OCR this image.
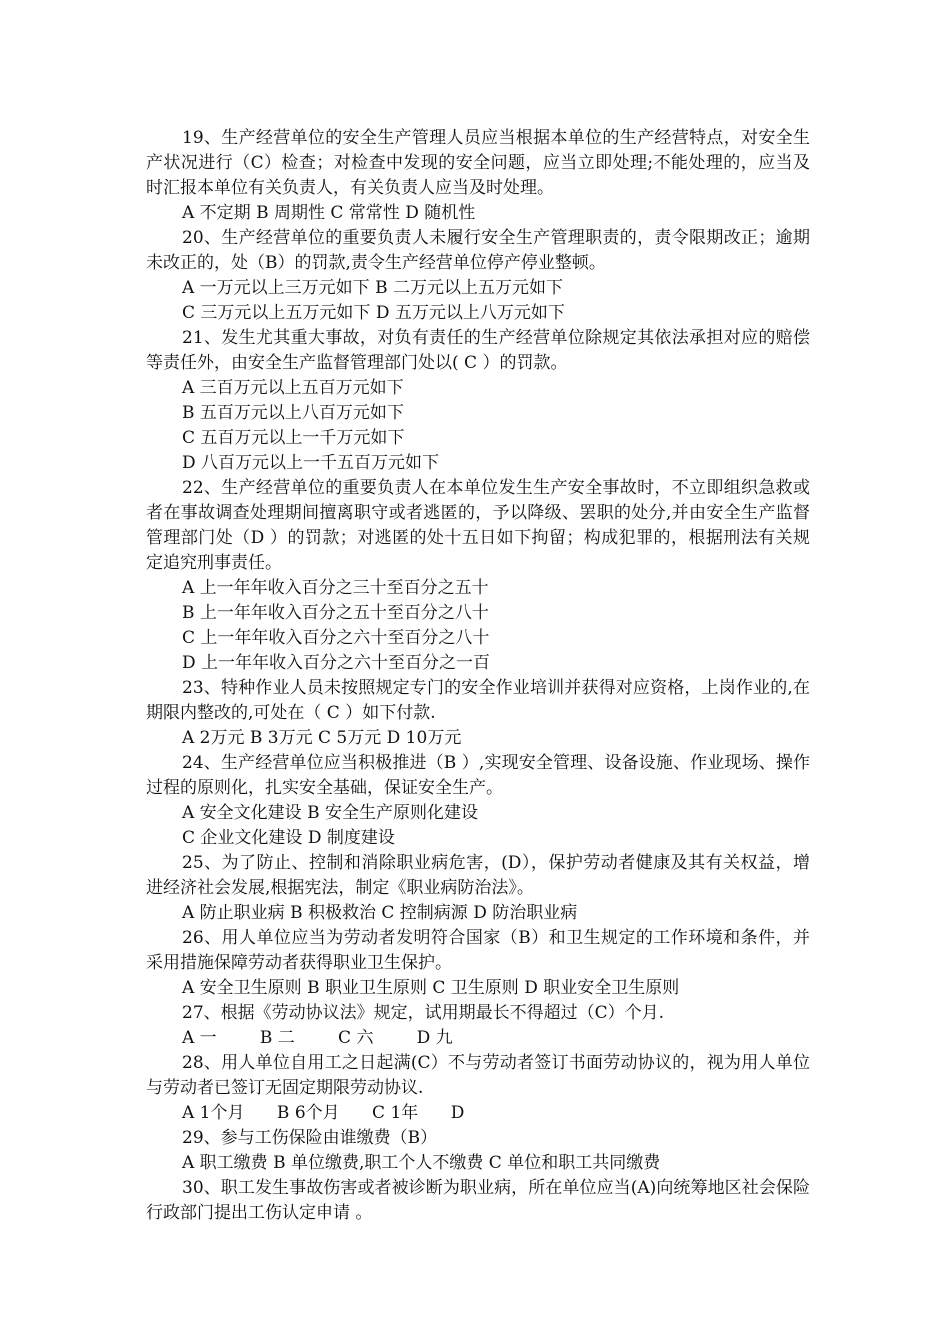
19、生产经营单位的安全生产管理人员应当根据本单位的生产经营特点，对安全生产状况进行（C）检查；对检查中发现的安全问题，应当立即处理;不能处理的，应当及时汇报本单位有关负责人，有关负责人应当及时处理。

A 不定期 B 周期性 C 常常性 D 随机性

20、生产经营单位的重要负责人未履行安全生产管理职责的，责令限期改正；逾期未改正的，处（B）的罚款,责令生产经营单位停产停业整顿。

A 一万元以上三万元如下 B 二万元以上五万元如下

C 三万元以上五万元如下 D 五万元以上八万元如下

21、发生尤其重大事故，对负有责任的生产经营单位除规定其依法承担对应的赔偿等责任外，由安全生产监督管理部门处以( C ）的罚款。

A 三百万元以上五百万元如下

B 五百万元以上八百万元如下

C 五百万元以上一千万元如下

D 八百万元以上一千五百万元如下

22、生产经营单位的重要负责人在本单位发生生产安全事故时，不立即组织急救或者在事故调查处理期间擅离职守或者逃匿的，予以降级、罢职的处分,并由安全生产监督管理部门处（D ）的罚款；对逃匿的处十五日如下拘留；构成犯罪的，根据刑法有关规定追究刑事责任。

A 上一年年收入百分之三十至百分之五十

B 上一年年收入百分之五十至百分之八十

C 上一年年收入百分之六十至百分之八十

D 上一年年收入百分之六十至百分之一百

23、特种作业人员未按照规定专门的安全作业培训并获得对应资格，上岗作业的,在期限内整改的,可处在（ C ）如下付款.

A 2万元 B 3万元 C 5万元 D 10万元

24、生产经营单位应当积极推进（B ）,实现安全管理、设备设施、作业现场、操作过程的原则化，扎实安全基础，保证安全生产。

A 安全文化建设 B 安全生产原则化建设

C 企业文化建设 D 制度建设

25、为了防止、控制和消除职业病危害，(D），保护劳动者健康及其有关权益，增进经济社会发展,根据宪法，制定《职业病防治法》。

A 防止职业病 B 积极救治 C 控制病源 D 防治职业病

26、用人单位应当为劳动者发明符合国家（B）和卫生规定的工作环境和条件，并采用措施保障劳动者获得职业卫生保护。

A 安全卫生原则 B 职业卫生原则 C 卫生原则 D 职业安全卫生原则

27、根据《劳动协议法》规定，试用期最长不得超过（C）个月.

A 一        B 二        C 六        D 九

28、用人单位自用工之日起满(C）不与劳动者签订书面劳动协议的，视为用人单位与劳动者已签订无固定期限劳动协议.

A 1个月      B 6个月      C 1年      D

29、参与工伤保险由谁缴费（B）

A 职工缴费 B 单位缴费,职工个人不缴费 C 单位和职工共同缴费

30、职工发生事故伤害或者被诊断为职业病，所在单位应当(A)向统筹地区社会保险行政部门提出工伤认定申请 。
